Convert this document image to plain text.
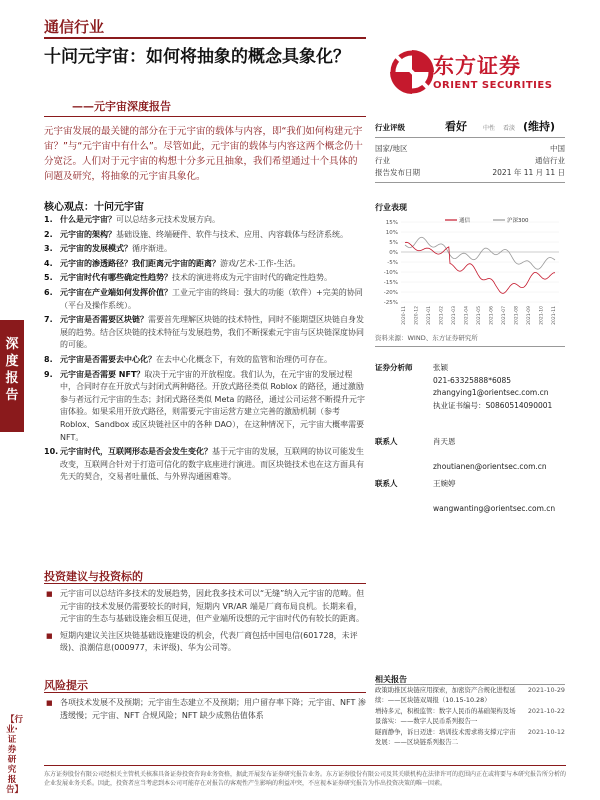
通信行业
十问元宇宙：如何将抽象的概念具象化？
——元宇宙深度报告
东方证券
ORIENT SECURITIES
元宇宙发展的最关键的部分在于元宇宙的载体与内容，即“我们如何构建元宇宙？”与“元宇宙中有什么”。尽管如此，元宇宙的载体与内容这两个概念仍十分宽泛。人们对于元宇宙的构想十分多元且抽象，我们希望通过十个具体的问题及研究，将抽象的元宇宙具象化。
核心观点：十问元宇宙
1. 什么是元宇宙？可以总结多元技术发展方向。
2. 元宇宙的架构？基础设施、终端硬件、软件与技术、应用、内容载体与经济系统。
3. 元宇宙的发展模式？循序渐进。
4. 元宇宙的渗透路径？我们距离元宇宙的距离？游戏/艺术-工作-生活。
5. 元宇宙时代有哪些确定性趋势？技术的演进将成为元宇宙时代的确定性趋势。
6. 元宇宙在产业端如何发挥价值？工业元宇宙的终局：强大的功能（软件）+完美的协同（平台及操作系统）。
7. 元宇宙是否需要区块链？需要首先理解区块链的技术特性，同时不能期望区块链自身发展的趋势。结合区块链的技术特征与发展趋势，我们不断探索元宇宙与区块链深度协同的可能。
8. 元宇宙是否需要去中心化？在去中心化概念下，有效的监管和治理仍可存在。
9. 元宇宙是否需要 NFT？取决于元宇宙的开放程度。我们认为，在元宇宙的发展过程中，合同时存在开放式与封闭式两种路径。开放式路径类似 Roblox 的路径，通过激励参与者远行元宇宙的生态；封闭式路径类似 Meta 的路径，通过公司运营不断提升元宇宙体验。如果采用开放式路径，则需要元宇宙运营方建立完善的激励机制（参考 Roblox、Sandbox 或区块链社区中的各种 DAO），在这种情况下，元宇宙大概率需要 NFT。
10. 元宇宙时代，互联网形态是否会发生变化？基于元宇宙的发展，互联网的协议可能发生改变，互联网合针对于打造可信化的数字底座进行演进。而区块链技术也在这方面具有先天的契合，交易者吐量低、与外界沟通困难等。
投资建议与投资标的
■ 元宇宙可以总结许多技术的发展趋势，因此我多技术可以“无缝”纳入元宇宙的范畴。但元宇宙的技术发展仍需要较长的时间，短期内 VR/AR 端是厂商布局良机。长期来看，元宇宙的生态与基础设施会相互促进，但产业端所设想的元宇宙时代仍有较长的距离。
■ 短期内建议关注区块链基础设施建设的机会，代表厂商包括中国电信(601728，未评级)、浪潮信息(000977，未评级)、华为公司等。
风险提示
■ 各项技术发展不及预期；元宇宙生态建立不及预期；用户留存率下降；元宇宙、NFT 渗透缓慢；元宇宙、NFT 合规风险；NFT 缺少成熟估值体系
深度报告
【行业·证券研究报告】
行业评级	看好	中性	看淡 (维持)
国家/地区	中国
行业	通信行业
报告发布日期	2021 年 11 月 11 日
行业表现
15%
10%
5%
0%
-5%
-10%
-15%
-20%
-25%
2020-11 2020-12 2021-01 2021-02 2021-03 2021-04 2021-05 2021-06 2021-07 2021-08 2021-09 2021-10 2021-11
通信	沪深300
资料来源：WIND、东方证券研究所
证券分析师	张颖
021-63325888*6085
zhangying1@orientsec.com.cn
执业证书编号：S0860514090001
联系人	肖天恩
zhoutianen@orientsec.com.cn
联系人	王婉婷
wangwanting@orientsec.com.cn
相关报告
政策助推区块链应用探索，加密资产合规化进程延续：——区块链双周报（10.15-10.28）
2021-10-29
增持多元，积极监管：数字人民币的基础架构及场景落实：——数字人民币系列报告一
2021-10-22
隧面静争，诉日迈进：培训技术需求将支撑元宇宙发展：——区块链系列报告二
2021-10-12
东方证券股份有限公司经相关主管机关核准具备证券投资咨询业务资格，据此开展发布证券研究报告业务。东方证券股份有限公司及其关联机构在法律许可的范围内正在或将要与本研究报告所分析的企业发展业务关系。因此，投资者应当考虑到本公司可能存在对报告的客观性产生影响的利益冲突，不应视本证券研究报告为作出投资决策的唯一因素。
